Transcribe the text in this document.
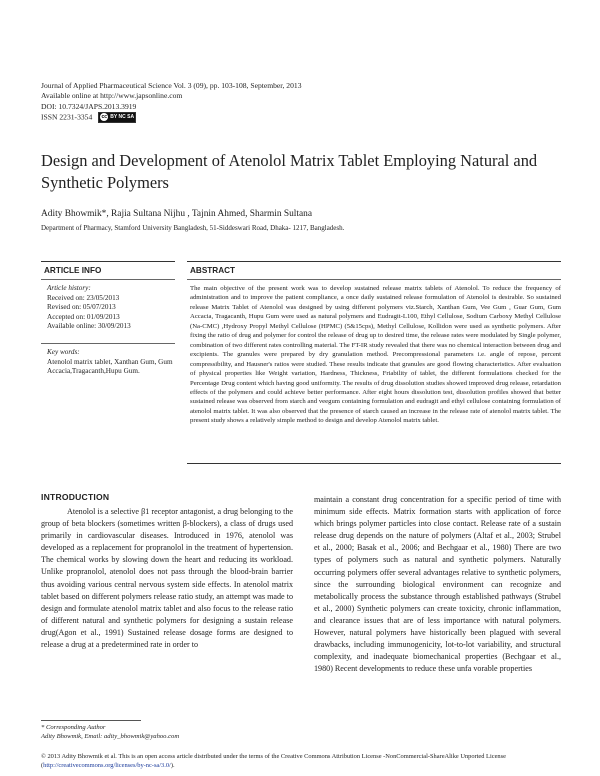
Journal of Applied Pharmaceutical Science Vol. 3 (09), pp. 103-108, September, 2013
Available online at http://www.japsonline.com
DOI: 10.7324/JAPS.2013.3919
ISSN 2231-3354 cc BY NC SA
Design and Development of Atenolol Matrix Tablet Employing Natural and Synthetic Polymers
Adity Bhowmik*, Rajia Sultana Nijhu , Tajnin Ahmed, Sharmin Sultana
Department of Pharmacy, Stamford University Bangladesh, 51-Siddeswari Road, Dhaka- 1217, Bangladesh.
ARTICLE INFO
Article history:
Received on: 23/05/2013
Revised on: 05/07/2013
Accepted on: 01/09/2013
Available online: 30/09/2013
Key words:
Atenolol matrix tablet, Xanthan Gum, Gum Accacia,Tragacanth,Hupu Gum.
ABSTRACT

The main objective of the present work was to develop sustained release matrix tablets of Atenolol. To reduce the frequency of administration and to improve the patient compliance, a once daily sustained release formulation of Atenolol is desirable. So sustained release Matrix Tablet of Atenolol was designed by using different polymers viz.Starch, Xanthan Gum, Vee Gum , Guar Gum, Gum Accacia, Tragacanth, Hupu Gum were used as natural polymers and Eudragit-L100, Ethyl Cellulose, Sodium Carboxy Methyl Cellulose (Na-CMC) ,Hydroxy Propyl Methyl Cellulose (HPMC) (5&15cps), Methyl Cellulose, Kollidon were used as synthetic polymers. After fixing the ratio of drug and polymer for control the release of drug up to desired time, the release rates were modulated by Single polymer, combination of two different rates controlling material. The FT-IR study revealed that there was no chemical interaction between drug and excipients. The granules were prepared by dry granulation method. Precompressional parameters i.e. angle of repose, percent compressibility, and Hausner's ratios were studied. These results indicate that granules are good flowing characteristics. After evaluation of physical properties like Weight variation, Hardness, Thickness, Friability of tablet, the different formulations checked for the Percentage Drug content which having good uniformity. The results of drug dissolution studies showed improved drug release, retardation effects of the polymers and could achieve better performance. After eight hours dissolution test, dissolution profiles showed that better sustained release was observed from starch and veegum containing formulation and eudragit and ethyl cellulose containing formulation of atenolol matrix tablet. It was also observed that the presence of starch caused an increase in the release rate of atenolol matrix tablet. The present study shows a relatively simple method to design and develop Atenolol matrix tablet.

INTRODUCTION

Atenolol is a selective β1 receptor antagonist, a drug belonging to the group of beta blockers (sometimes written β-blockers), a class of drugs used primarily in cardiovascular diseases. Introduced in 1976, atenolol was developed as a replacement for propranolol in the treatment of hypertension. The chemical works by slowing down the heart and reducing its workload. Unlike propranolol, atenolol does not pass through the blood-brain barrier thus avoiding various central nervous system side effects. In atenolol matrix tablet based on different polymers release ratio study, an attempt was made to design and formulate atenolol matrix tablet and also focus to the release ratio of different natural and synthetic polymers for designing a sustain release drug(Agon et al., 1991) Sustained release dosage forms are designed to release a drug at a predetermined rate in order to

maintain a constant drug concentration for a specific period of time with minimum side effects. Matrix formation starts with application of force which brings polymer particles into close contact. Release rate of a sustain release drug depends on the nature of polymers (Altaf et al., 2003; Strubel et al., 2000; Basak et al., 2006; and Bechgaar et al., 1980) There are two types of polymers such as natural and synthetic polymers. Naturally occurring polymers offer several advantages relative to synthetic polymers, since the surrounding biological environment can recognize and metabolically process the substance through established pathways (Strubel et al., 2000) Synthetic polymers can create toxicity, chronic inflammation, and clearance issues that are of less importance with natural polymers. However, natural polymers have historically been plagued with several drawbacks, including immunogenicity, lot-to-lot variability, and structural complexity, and inadequate biomechanical properties (Bechgaar et al., 1980) Recent developments to reduce these unfa vorable properties

* Corresponding Author
Adity Bhowmik, Email: adity_bhowmik@yahoo.com
© 2013 Adity Bhowmik et al. This is an open access article distributed under the terms of the Creative Commons Attribution License -NonCommercial-ShareAlike Unported License (http://creativecommons.org/licenses/by-nc-sa/3.0/).
